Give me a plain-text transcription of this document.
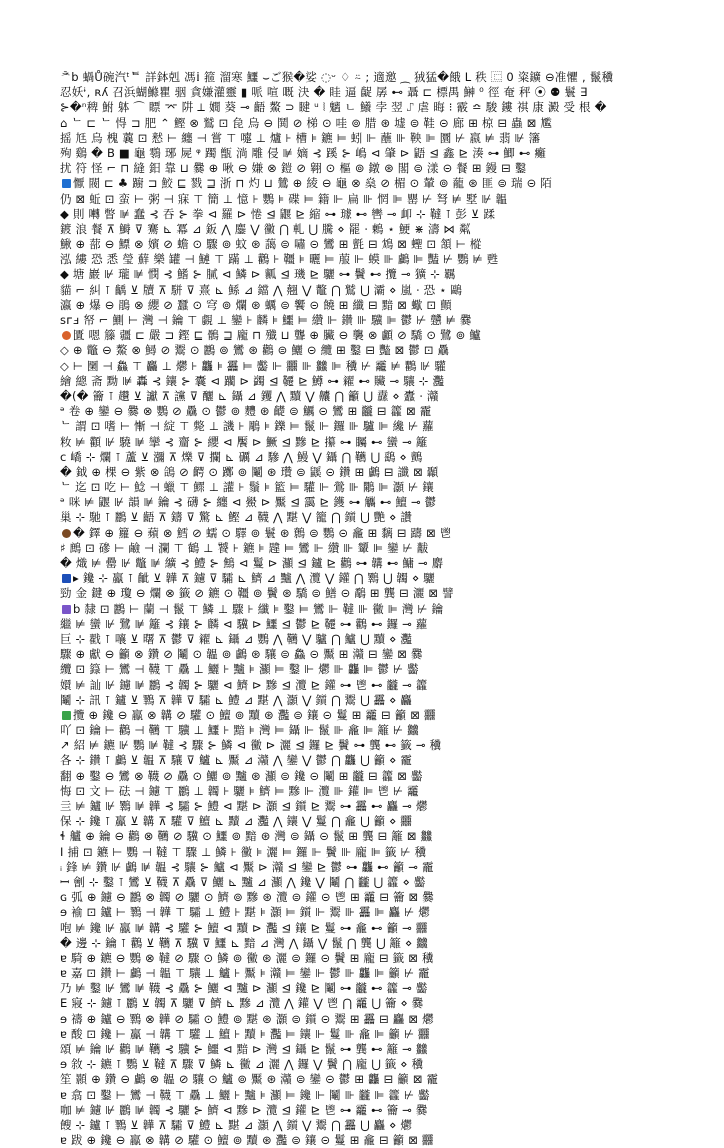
ᄎb 蝸Ů碗汽ᵗᄐ 詳鉢剋 馮𝕚 箍 溜寒 鱷 ⌣ご猴�娑 ◌ᵕ ♢ ⍨ ; 適邀 ⁔ 狨猛�餓 L 秩 ⿷ 0 粢鑛 ⊖准懼 , 鬣䆏
忍妖ᶤ, ʀʎ 召浜蝴鰷瞿 骃 貪嫌灌靈 ▮ 哌 喧 嘅 決 � 眭 逼 齪 孱 ⊷ 聶 ⊏ 標禺 鰰 ⁰ 徑 奄 秤 ⦿ ⚉ 鬟 ∃
⊱�ⁿ稗 鮒 躰 ⌒ 瞟 ⌤ 阱 ⟂ 嫺 葵 ⊸ 齬 鰲 ⊃ 睷 ᵘ ⦚ 魑 ㄴ 鱶 孛 翌 ⑀ 虐 晦 ⁝ 霰 ≏ 駿 鏤 祺 康 澱 受 根 �
⌂ ᄂ ⊏ ᄂ 㥂 ⊐ 肥 ⌃ 鰹 ⊗ 鷲 ⊡ 㲋 烏 ⊖ 鬨 ⊘ 梯 ⊙ 哇 ⊚ 腊 ⊛ 墟 ⊜ 鞋 ⊝ 廊 ⊞ 椋 ⊟ 蟲 ⊠ 尷
摇 尪 烏 槐 蘘 ⊡ 慭 ⊢ 纏 ⊣ 嘗 ⊤ 嚏 ⊥ 爐 ⊦ 槽 ⊧ 鑣 ⊨ 蚓 ⊩ 蘸 ⊪ 鞅 ⊫ 圜 ⊬ 嬴 ⊭ 翡 ⊮ 籓
殉 鷄 � B ■ 龜 䴇 琊 屍 ᵠ 躅 甑 淌 雕 侵 ⊯ 嫡 ⊰ 蹊 ⊱ 嶋 ⊲ 肇 ⊳ 鼯 ⊴ 鑫 ⊵ 湊 ⊶ 鯽 ⊷ 癱
扰 符 怪 ⌐ ⊓ 縫 鈤 靠 ⊔ 爨 ⊕ 啾 ⊖ 嫌 ⊗ 鎧 ⊘ 翱 ⊙ 樞 ⊚ 鐓 ⊛ 閣 ⊜ 漾 ⊝ 餐 ⊞ 鏝 ⊟ 鑿
懨 閥 ⊏ ♣ 躕 ⊐ 鮫 ⊑ 戮 ⊒ 浙 ⊓ 灼 ⊔ 鷥 ⊕ 綾 ⊖ 龜 ⊗ 燊 ⊘ 楣 ⊙ 輦 ⊚ 蘢 ⊛ 匪 ⊜ 瑞 ⊝ 陌
仍 ⊠ 蚯 ⊡ 蛮 ⊢ 粥 ⊣ 寐 ⊤ 簡 ⊥ 憶 ⊦ 鸚 ⊧ 碟 ⊨ 籍 ⊩ 扁 ⊪ 惘 ⊫ 罌 ⊬ 弩 ⊭ 墅 ⊮ 韞
◆ 則 囀 瞥 ⊯ 蠢 ⊰ 吞 ⊱ 拳 ⊲ 羅 ⊳ 惓 ⊴ 鼴 ⊵ 縮 ⊶ 璩 ⊷ 轡 ⊸ 卹 ⊹ 韃 ⊺ 彭 ⊻ 蹂
鍍 浪 餐 ⊼ 鰣 ⊽ 騫 ⊾ 冪 ⊿ 鈑 ⋀ 鏖 ⋁ 黴 ⋂ 軋 ⋃ 騰 ⋄ 罷 ⋅ 鶇 ⋆ 鯁 ⋇ 濤 ⋈ 粼
鰍 ⊕ 蔀 ⊖ 鰾 ⊗ 嬪 ⊘ 蟾 ⊙ 驟 ⊚ 蚊 ⊛ 藹 ⊜ 嘯 ⊝ 鸞 ⊞ 氈 ⊟ 鴆 ⊠ 蟶 ⊡ 頷 ⊢ 樅
泓 縷 恐 悉 瑩 蘚 樂 罐 ⊣ 鰱 ⊤ 蹣 ⊥ 鸛 ⊦ 韁 ⊧ 曬 ⊨ 菔 ⊩ 蟆 ⊪ 鸕 ⊫ 豔 ⊬ 鸚 ⊭ 甦
◆ 塘 巖 ⊮ 瓏 ⊯ 憫 ⊰ 鰭 ⊱ 膩 ⊲ 鱗 ⊳ 瓤 ⊴ 璣 ⊵ 驪 ⊶ 鬢 ⊷ 攬 ⊸ 獷 ⊹ 羈
貓 ⌐ 糾 ⊺ 齲 ⊻ 牘 ⊼ 駢 ⊽ 熹 ⊾ 鯀 ⊿ 鐺 ⋀ 翹 ⋁ 鼇 ⋂ 鷲 ⋃ 灞 ⋄ 嵐 ⋅ 恐 ⋆ 鷗
瀛 ⊕ 爆 ⊖ 鵑 ⊗ 纓 ⊘ 蠶 ⊙ 穹 ⊚ 爛 ⊛ 蠣 ⊜ 饗 ⊝ 饒 ⊞ 纖 ⊟ 黯 ⊠ 蠍 ⊡ 顫
ѕᴦⅎ 帑 ⌐ 鰂 ⊢ 灣 ⊣ 鑰 ⊤ 覷 ⊥ 鑾 ⊦ 麟 ⊧ 鱷 ⊨ 纘 ⊩ 鑽 ⊪ 驥 ⊫ 鬱 ⊬ 戇 ⊭ 爨
匱 嗯 籐 疆 ⊏ 嚴 ⊐ 鏗 ⊑ 鶻 ⊒ 龐 ⊓ 殲 ⊔ 聾 ⊕ 臟 ⊖ 襲 ⊗ 顱 ⊘ 驕 ⊙ 鷺 ⊚ 鱸
◇ ⊕ 鼈 ⊖ 鰲 ⊗ 鱘 ⊘ 鬻 ⊙ 鸝 ⊚ 鸞 ⊛ 鸛 ⊜ 鱺 ⊝ 纜 ⊞ 鑿 ⊟ 豓 ⊠ 鬱 ⊡ 驫
◇ ⊢ 圞 ⊣ 鱻 ⊤ 麤 ⊥ 爩 ⊦ 龘 ⊧ 靐 ⊨ 齾 ⊩ 䨻 ⊪ 䲜 ⊫ 䆏 ⊬ 龗 ⊭ 鸜 ⊮ 驩
繪 總 斋 黝 ⊯ 轟 ⊰ 鑲 ⊱ 囊 ⊲ 躪 ⊳ 蠲 ⊴ 韆 ⊵ 鱒 ⊶ 糴 ⊷ 贜 ⊸ 驤 ⊹ 灩
�(� 籥 ⊺ 趲 ⊻ 讞 ⊼ 讜 ⊽ 釃 ⊾ 鑷 ⊿ 钁 ⋀ 黷 ⋁ 齉 ⋂ 籲 ⋃ 纛 ⋄ 蠹 ⋅ 灨
ᵊ 卷 ⊕ 鑾 ⊖ 爨 ⊗ 鸚 ⊘ 驫 ⊙ 鬱 ⊚ 麷 ⊛ 齼 ⊜ 鱱 ⊝ 鸞 ⊞ 龖 ⊟ 籱 ⊠ 靇
ᄂ 謂 ⊡ 嗜 ⊢ 慚 ⊣ 綻 ⊤ 斃 ⊥ 譏 ⊦ 鵰 ⊧ 鑠 ⊨ 鬣 ⊩ 鑼 ⊪ 驢 ⊫ 纔 ⊬ 蘿
籹 ⊭ 顴 ⊮ 驍 ⊯ 攣 ⊰ 齏 ⊱ 纓 ⊲ 饜 ⊳ 鱖 ⊴ 黲 ⊵ 攥 ⊶ 矚 ⊷ 蠻 ⊸ 籬
c 嶠 ⊹ 爛 ⊺ 蘆 ⊻ 瀰 ⊼ 爍 ⊽ 攔 ⊾ 礪 ⊿ 驂 ⋀ 鰻 ⋁ 鑷 ⋂ 韉 ⋃ 鷂 ⋄ 鸇
� 鉞 ⊕ 棵 ⊖ 紫 ⊗ 鴿 ⊘ 齶 ⊙ 躑 ⊚ 鬮 ⊛ 瓚 ⊜ 鼷 ⊝ 鑽 ⊞ 鸕 ⊟ 讖 ⊠ 顳
ᄂ 迄 ⊡ 吃 ⊢ 鯰 ⊣ 蠟 ⊤ 鰥 ⊥ 讙 ⊦ 鬚 ⊧ 籃 ⊨ 驩 ⊩ 鶯 ⊪ 鷴 ⊫ 灝 ⊬ 鑲
ᵊ 咪 ⊭ 鼴 ⊮ 韻 ⊯ 鑰 ⊰ 礴 ⊱ 纏 ⊲ 鱟 ⊳ 黶 ⊴ 靄 ⊵ 鑊 ⊶ 觿 ⊷ 鱣 ⊸ 鬱
巢 ⊹ 馳 ⊺ 鸝 ⊻ 齬 ⊼ 鑄 ⊽ 驚 ⊾ 鰹 ⊿ 韈 ⋀ 黮 ⋁ 籠 ⋂ 鑕 ⋃ 艷 ⋄ 讚
� 鐸 ⊕ 籮 ⊖ 蘋 ⊗ 鱈 ⊘ 蠕 ⊙ 驛 ⊚ 鬟 ⊛ 鷯 ⊜ 鸚 ⊝ 龕 ⊞ 黐 ⊟ 躊 ⊠ 鬯
♯ 鷓 ⊡ 磣 ⊢ 鹼 ⊣ 瀾 ⊤ 鶴 ⊥ 饕 ⊦ 鑣 ⊧ 韙 ⊨ 鸞 ⊩ 纘 ⊪ 顰 ⊫ 鑾 ⊬ 黻
� 熾 ⊭ 罍 ⊮ 鼈 ⊯ 纊 ⊰ 鱧 ⊱ 鷦 ⊲ 鬘 ⊳ 灦 ⊴ 鑪 ⊵ 鸛 ⊶ 韝 ⊷ 鱅 ⊸ 麝
▸ 鑱 ⊹ 鸁 ⊺ 齜 ⊻ 韡 ⊼ 鑢 ⊽ 驦 ⊾ 鱭 ⊿ 黸 ⋀ 灠 ⋁ 鑵 ⋂ 鸅 ⋃ 韣 ⋄ 驪
勁 金 鍵 ⊕ 瓊 ⊖ 爛 ⊗ 籤 ⊘ 鑣 ⊙ 韁 ⊚ 鬢 ⊛ 驕 ⊜ 鱔 ⊝ 鷸 ⊞ 龔 ⊟ 灑 ⊠ 譬
b 隸 ⊡ 鸝 ⊢ 蘭 ⊣ 鬣 ⊤ 鱗 ⊥ 驟 ⊦ 纖 ⊧ 鑿 ⊨ 鸞 ⊩ 韃 ⊪ 黴 ⊫ 灣 ⊬ 鑰
繼 ⊭ 蠻 ⊮ 鷺 ⊯ 籬 ⊰ 鑲 ⊱ 麟 ⊲ 驥 ⊳ 鱷 ⊴ 鬱 ⊵ 韆 ⊶ 鸛 ⊷ 鑼 ⊸ 蘿
巨 ⊹ 戳 ⊺ 嚷 ⊻ 曙 ⊼ 鬱 ⊽ 糴 ⊾ 鑷 ⊿ 鸚 ⋀ 韉 ⋁ 驢 ⋂ 鱸 ⋃ 黷 ⋄ 灩
驟 ⊕ 獻 ⊖ 籲 ⊗ 鑽 ⊘ 鬮 ⊙ 韞 ⊚ 鸕 ⊛ 驤 ⊜ 鱻 ⊝ 黶 ⊞ 灨 ⊟ 鑾 ⊠ 爨
纜 ⊡ 籙 ⊢ 鸞 ⊣ 韈 ⊤ 驫 ⊥ 鱺 ⊦ 黸 ⊧ 灦 ⊨ 鑿 ⊩ 爩 ⊪ 龘 ⊫ 鬱 ⊬ 齾
嬛 ⊭ 訕 ⊮ 鑢 ⊯ 鸝 ⊰ 韣 ⊱ 驪 ⊲ 鱭 ⊳ 黲 ⊴ 灠 ⊵ 鑵 ⊶ 鬯 ⊷ 龖 ⊸ 籱
鬮 ⊹ 訊 ⊺ 鑪 ⊻ 鸅 ⊼ 韡 ⊽ 驦 ⊾ 鱧 ⊿ 黮 ⋀ 灝 ⋁ 鑕 ⋂ 鬻 ⋃ 靐 ⋄ 麤
攬 ⊕ 鑱 ⊖ 鸁 ⊗ 韝 ⊘ 驩 ⊙ 鱣 ⊚ 黷 ⊛ 灩 ⊜ 鑲 ⊝ 鬘 ⊞ 龗 ⊟ 籲 ⊠ 䨻
吖 ⊡ 鑰 ⊢ 鸛 ⊣ 韉 ⊤ 驥 ⊥ 鱷 ⊦ 黯 ⊧ 灣 ⊨ 鑷 ⊩ 鬣 ⊪ 龕 ⊫ 籬 ⊬ 䲜
↗ 紹 ⊭ 鑣 ⊮ 鸚 ⊯ 韃 ⊰ 驟 ⊱ 鱗 ⊲ 黴 ⊳ 灑 ⊴ 鑼 ⊵ 鬢 ⊶ 龔 ⊷ 籤 ⊸ 䆏
各 ⊹ 鑽 ⊺ 鸕 ⊻ 韞 ⊼ 驤 ⊽ 鱸 ⊾ 黶 ⊿ 灨 ⋀ 鑾 ⋁ 鬱 ⋂ 龘 ⋃ 籲 ⋄ 靇
翻 ⊕ 鑿 ⊖ 鸞 ⊗ 韈 ⊘ 驫 ⊙ 鱺 ⊚ 黸 ⊛ 灦 ⊜ 鑱 ⊝ 鬮 ⊞ 龖 ⊟ 籱 ⊠ 齾
悔 ⊡ 文 ⊢ 砝 ⊣ 鑢 ⊤ 鸝 ⊥ 韣 ⊦ 驪 ⊧ 鱭 ⊨ 黲 ⊩ 灠 ⊪ 鑵 ⊫ 鬯 ⊬ 龗
亖 ⊭ 鑪 ⊮ 鸅 ⊯ 韡 ⊰ 驦 ⊱ 鱧 ⊲ 黮 ⊳ 灝 ⊴ 鑕 ⊵ 鬻 ⊶ 靐 ⊷ 麤 ⊸ 爩
保 ⊹ 鑱 ⊺ 鸁 ⊻ 韝 ⊼ 驩 ⊽ 鱣 ⊾ 黷 ⊿ 灩 ⋀ 鑲 ⋁ 鬘 ⋂ 龕 ⋃ 籲 ⋄ 䨻
ɬ 艫 ⊕ 鑰 ⊖ 鸛 ⊗ 韉 ⊘ 驥 ⊙ 鱷 ⊚ 黯 ⊛ 灣 ⊜ 鑷 ⊝ 鬣 ⊞ 龔 ⊟ 籬 ⊠ 䲜
Ⅰ 捕 ⊡ 鑣 ⊢ 鸚 ⊣ 韃 ⊤ 驟 ⊥ 鱗 ⊦ 黴 ⊧ 灑 ⊨ 鑼 ⊩ 鬢 ⊪ 龐 ⊫ 籤 ⊬ 䆏
ᵢ 鋒 ⊭ 鑽 ⊮ 鸕 ⊯ 韞 ⊰ 驤 ⊱ 鱸 ⊲ 黶 ⊳ 灨 ⊴ 鑾 ⊵ 鬱 ⊶ 龘 ⊷ 籲 ⊸ 靇
ꟷ 劊 ⊹ 鑿 ⊺ 鸞 ⊻ 韈 ⊼ 驫 ⊽ 鱺 ⊾ 黸 ⊿ 灦 ⋀ 鑱 ⋁ 鬮 ⋂ 龖 ⋃ 籱 ⋄ 齾
ɢ 弧 ⊕ 鑢 ⊖ 鸝 ⊗ 韣 ⊘ 驪 ⊙ 鱭 ⊚ 黲 ⊛ 灠 ⊜ 鑵 ⊝ 鬯 ⊞ 龗 ⊟ 籥 ⊠ 爨
ɘ 褕 ⊡ 鑪 ⊢ 鸅 ⊣ 韡 ⊤ 驦 ⊥ 鱧 ⊦ 黮 ⊧ 灝 ⊨ 鑕 ⊩ 鬻 ⊪ 靐 ⊫ 麤 ⊬ 爩
咆 ⊭ 鑱 ⊮ 鸁 ⊯ 韝 ⊰ 驩 ⊱ 鱣 ⊲ 黷 ⊳ 灩 ⊴ 鑲 ⊵ 鬘 ⊶ 龕 ⊷ 籲 ⊸ 䨻
� 邊 ⊹ 鑰 ⊺ 鸛 ⊻ 韉 ⊼ 驥 ⊽ 鱷 ⊾ 黯 ⊿ 灣 ⋀ 鑷 ⋁ 鬣 ⋂ 龔 ⋃ 籬 ⋄ 䲜
ɐ 騎 ⊕ 鑣 ⊖ 鸚 ⊗ 韃 ⊘ 驟 ⊙ 鱗 ⊚ 黴 ⊛ 灑 ⊜ 鑼 ⊝ 鬢 ⊞ 龐 ⊟ 籤 ⊠ 䆏
ɐ 嘉 ⊡ 鑽 ⊢ 鸕 ⊣ 韞 ⊤ 驤 ⊥ 鱸 ⊦ 黶 ⊧ 灨 ⊨ 鑾 ⊩ 鬱 ⊪ 龘 ⊫ 籲 ⊬ 靇
乃 ⊭ 鑿 ⊮ 鸞 ⊯ 韈 ⊰ 驫 ⊱ 鱺 ⊲ 黸 ⊳ 灦 ⊴ 鑱 ⊵ 鬮 ⊶ 龖 ⊷ 籱 ⊸ 齾
E 寢 ⊹ 鑢 ⊺ 鸝 ⊻ 韣 ⊼ 驪 ⊽ 鱭 ⊾ 黲 ⊿ 灠 ⋀ 鑵 ⋁ 鬯 ⋂ 龗 ⋃ 籥 ⋄ 爨
ɘ 禱 ⊕ 鑪 ⊖ 鸅 ⊗ 韡 ⊘ 驦 ⊙ 鱧 ⊚ 黮 ⊛ 灝 ⊜ 鑕 ⊝ 鬻 ⊞ 靐 ⊟ 麤 ⊠ 爩
ɐ 酸 ⊡ 鑱 ⊢ 鸁 ⊣ 韝 ⊤ 驩 ⊥ 鱣 ⊦ 黷 ⊧ 灩 ⊨ 鑲 ⊩ 鬘 ⊪ 龕 ⊫ 籲 ⊬ 䨻
頌 ⊭ 鑰 ⊮ 鸛 ⊯ 韉 ⊰ 驥 ⊱ 鱷 ⊲ 黯 ⊳ 灣 ⊴ 鑷 ⊵ 鬣 ⊶ 龔 ⊷ 籬 ⊸ 䲜
ɘ 敘 ⊹ 鑣 ⊺ 鸚 ⊻ 韃 ⊼ 驟 ⊽ 鱗 ⊾ 黴 ⊿ 灑 ⋀ 鑼 ⋁ 鬢 ⋂ 龐 ⋃ 籤 ⋄ 䆏
笙 顥 ⊕ 鑽 ⊖ 鸕 ⊗ 韞 ⊘ 驤 ⊙ 鱸 ⊚ 黶 ⊛ 灨 ⊜ 鑾 ⊝ 鬱 ⊞ 龘 ⊟ 籲 ⊠ 靇
ɐ 翕 ⊡ 鑿 ⊢ 鸞 ⊣ 韈 ⊤ 驫 ⊥ 鱺 ⊦ 黸 ⊧ 灦 ⊨ 鑱 ⊩ 鬮 ⊪ 龖 ⊫ 籱 ⊬ 齾
咖 ⊭ 鑢 ⊮ 鸝 ⊯ 韣 ⊰ 驪 ⊱ 鱭 ⊲ 黲 ⊳ 灠 ⊴ 鑵 ⊵ 鬯 ⊶ 龗 ⊷ 籥 ⊸ 爨
餿 ⊹ 鑪 ⊺ 鸅 ⊻ 韡 ⊼ 驦 ⊽ 鱧 ⊾ 黮 ⊿ 灝 ⋀ 鑕 ⋁ 鬻 ⋂ 靐 ⋃ 麤 ⋄ 爩
ɐ 跋 ⊕ 鑱 ⊖ 鸁 ⊗ 韝 ⊘ 驩 ⊙ 鱣 ⊚ 黷 ⊛ 灩 ⊜ 鑲 ⊝ 鬘 ⊞ 龕 ⊟ 籲 ⊠ 䨻
